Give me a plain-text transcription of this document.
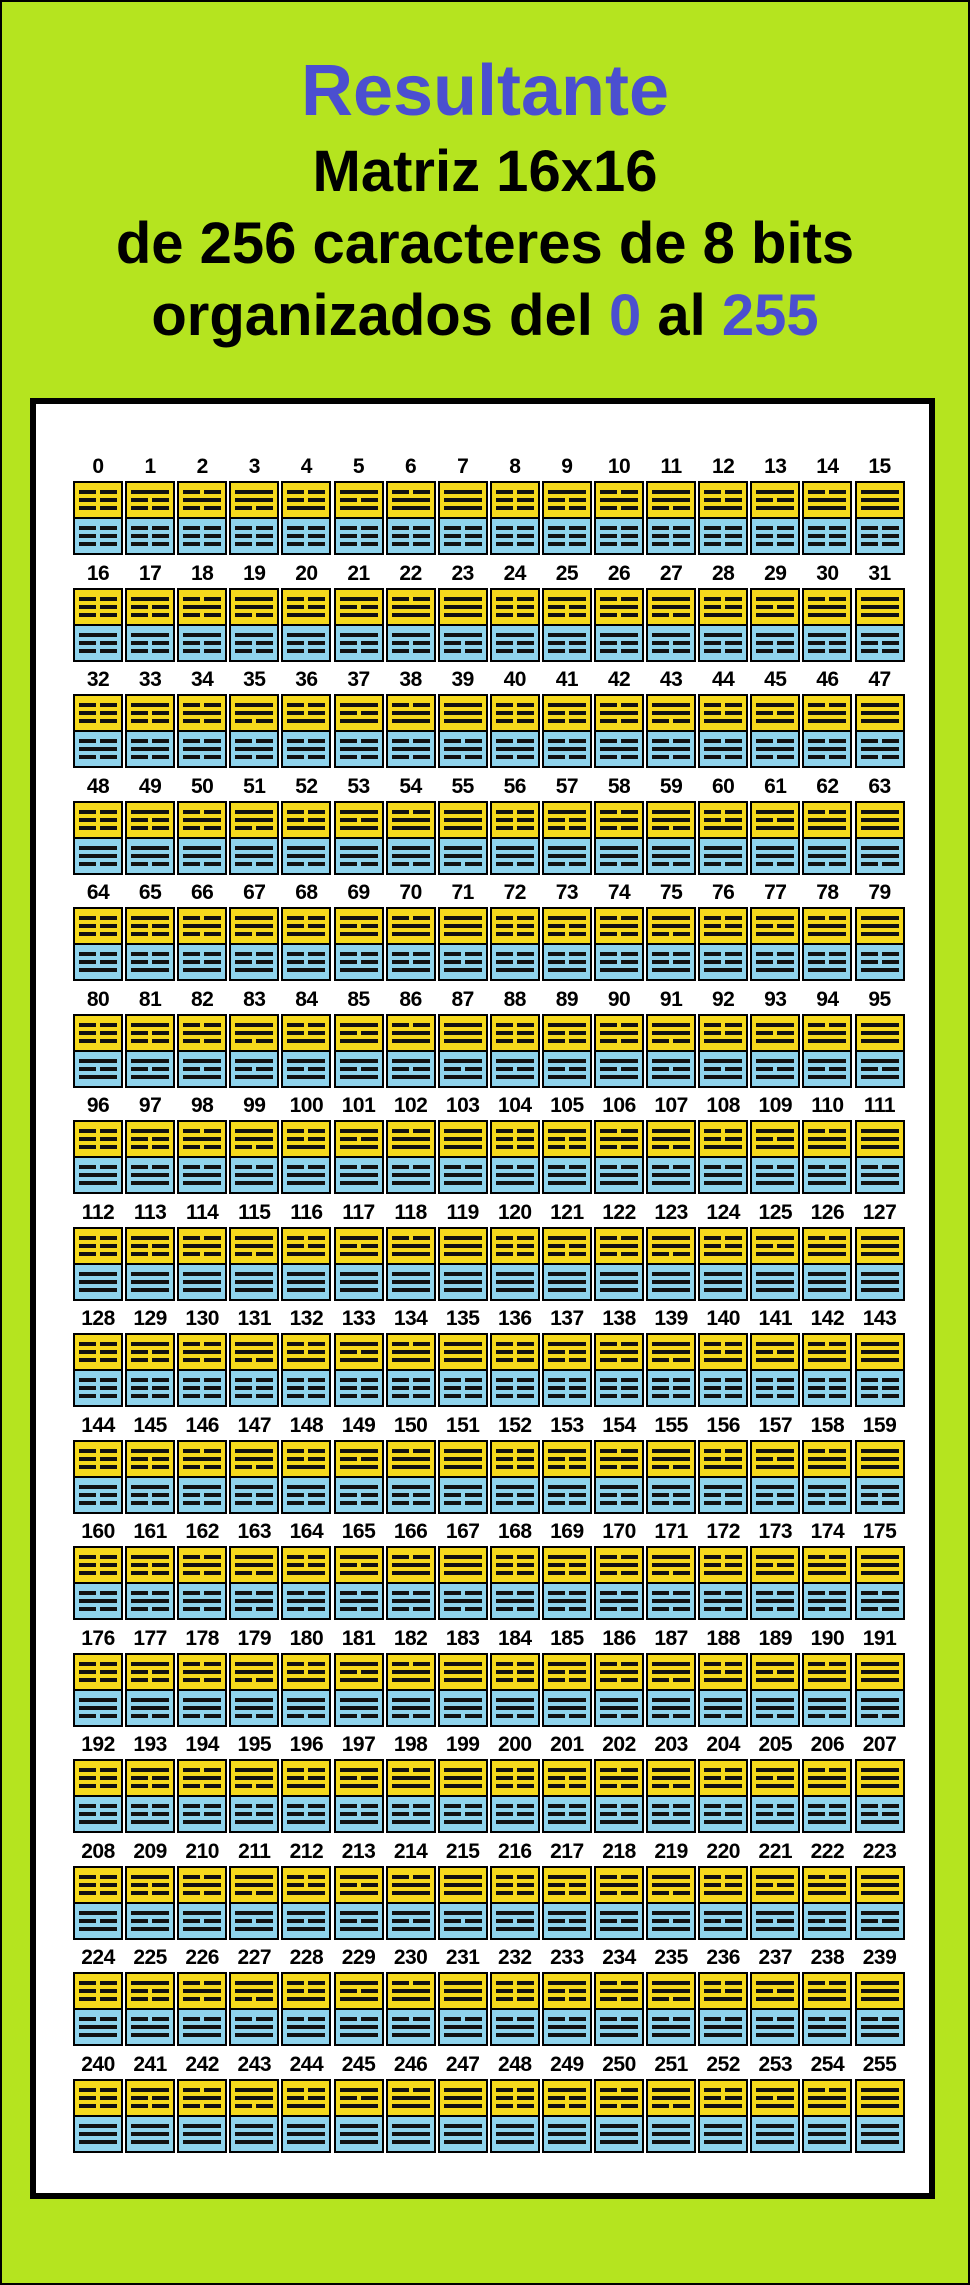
Resultante
Matriz 16x16
de 256 caracteres de 8 bits
organizados del 0 al 255
0	1	2	3	4	5	6	7	8	9	10	11	12	13	14	15
16	17	18	19	20	21	22	23	24	25	26	27	28	29	30	31
32	33	34	35	36	37	38	39	40	41	42	43	44	45	46	47
48	49	50	51	52	53	54	55	56	57	58	59	60	61	62	63
64	65	66	67	68	69	70	71	72	73	74	75	76	77	78	79
80	81	82	83	84	85	86	87	88	89	90	91	92	93	94	95
96	97	98	99	100 101 102 103 104 105 106 107 108 109 110 111
112 113 114 115 116 117 118 119 120 121 122 123 124 125 126 127
128 129 130 131 132 133 134 135 136 137 138 139 140 141 142 143
144 145 146 147 148 149 150 151 152 153 154 155 156 157 158 159
160 161 162 163 164 165 166 167 168 169 170 171 172 173 174 175
176 177 178 179 180 181 182 183 184 185 186 187 188 189 190 191
192 193 194 195 196 197 198 199 200 201 202 203 204 205 206 207
208 209 210 211 212 213 214 215 216 217 218 219 220 221 222 223
224 225 226 227 228 229 230 231 232 233 234 235 236 237 238 239
240 241 242 243 244 245 246 247 248 249 250 251 252 253 254 255
